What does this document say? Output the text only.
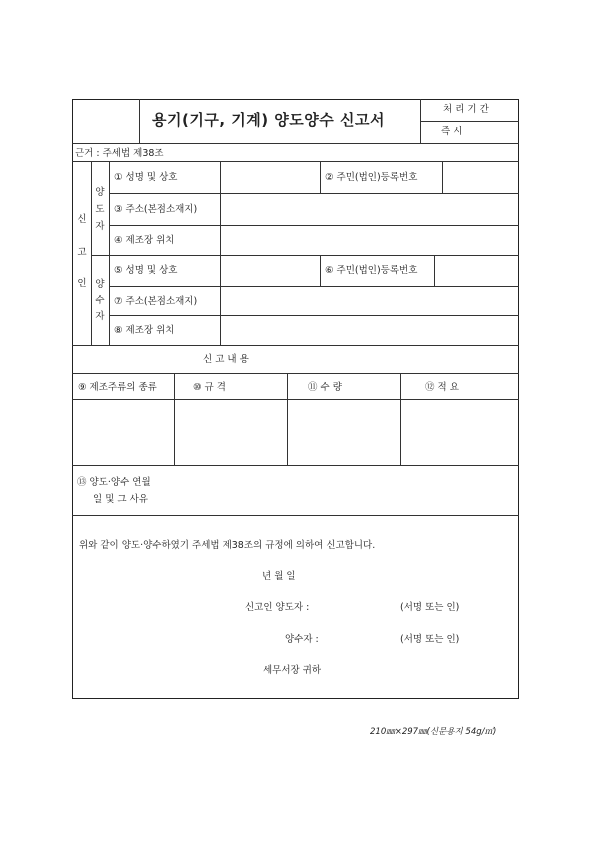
용기(기구, 기계) 양도양수 신고서
처 리 기 간
즉 시
근거 : 주세법 제38조
신
고
인
양
도
자
양
수
자
① 성명 및 상호	② 주민(법인)등록번호
③ 주소(본점소재지)
④ 제조장 위치
⑤ 성명 및 상호	⑥ 주민(법인)등록번호
⑦ 주소(본점소재지)
⑧ 제조장 위치
신 고 내 용
⑨ 제조주류의 종류	⑩ 규 격	⑪ 수 량	⑫ 적 요
⑬ 양도·양수 연월
일 및 그 사유
위와 같이 양도·양수하였기 주세법 제38조의 규정에 의하여 신고합니다.
년 월 일
신고인 양도자 :	(서명 또는 인)
양수자 :	(서명 또는 인)
세무서장 귀하
210㎜×297㎜(신문용지 54g/㎡)
